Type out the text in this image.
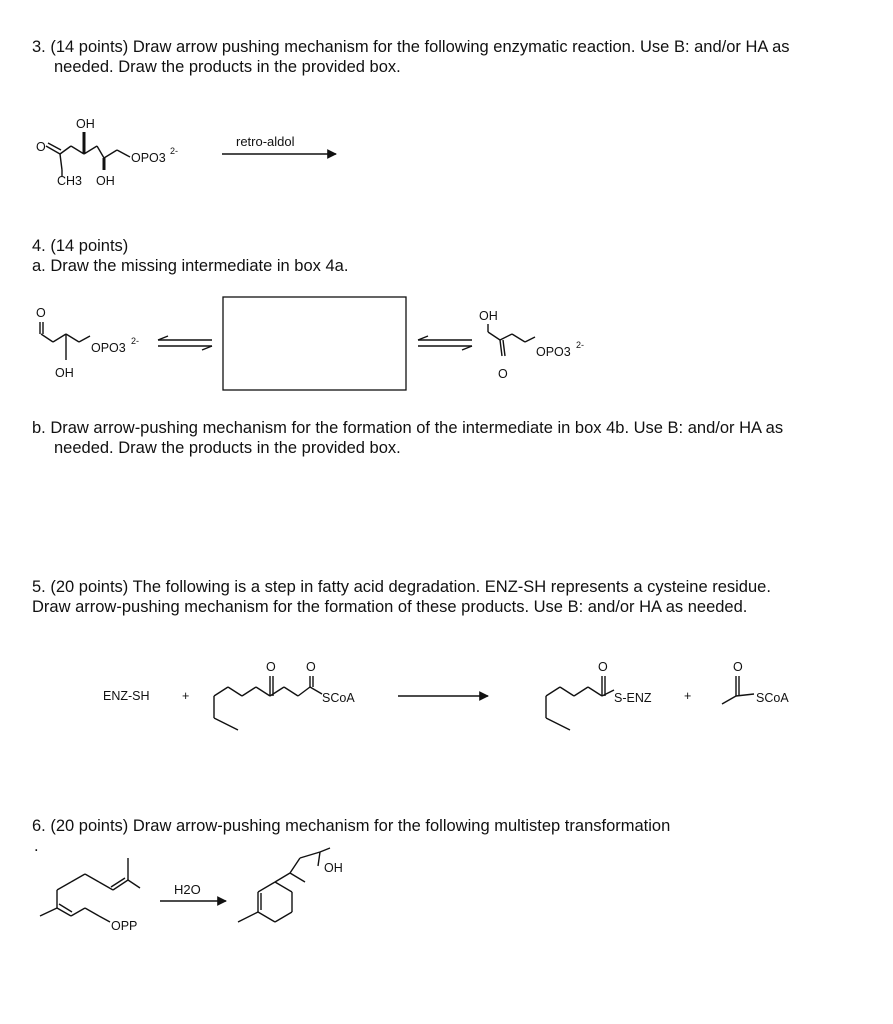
3. (14 points) Draw arrow pushing mechanism for the following enzymatic reaction. Use B: and/or HA as
needed. Draw the products in the provided box.
4. (14 points)
a. Draw the missing intermediate in box 4a.
b. Draw arrow-pushing mechanism for the formation of the intermediate in box 4b. Use B: and/or HA as
needed. Draw the products in the provided box.
5. (20 points) The following is a step in fatty acid degradation. ENZ-SH represents a cysteine residue.
Draw arrow-pushing mechanism for the formation of these products. Use B: and/or HA as needed.
6. (20 points) Draw arrow-pushing mechanism for the following multistep transformation
.
OH
O
CH3 OH
OPO3 2-
retro-aldol
O
OH
OPO3 2-
OH
O
OPO3 2-
ENZ-SH	+
O O
SCoA
O
S-ENZ	+
O
SCoA
OPP
H2O
OH
